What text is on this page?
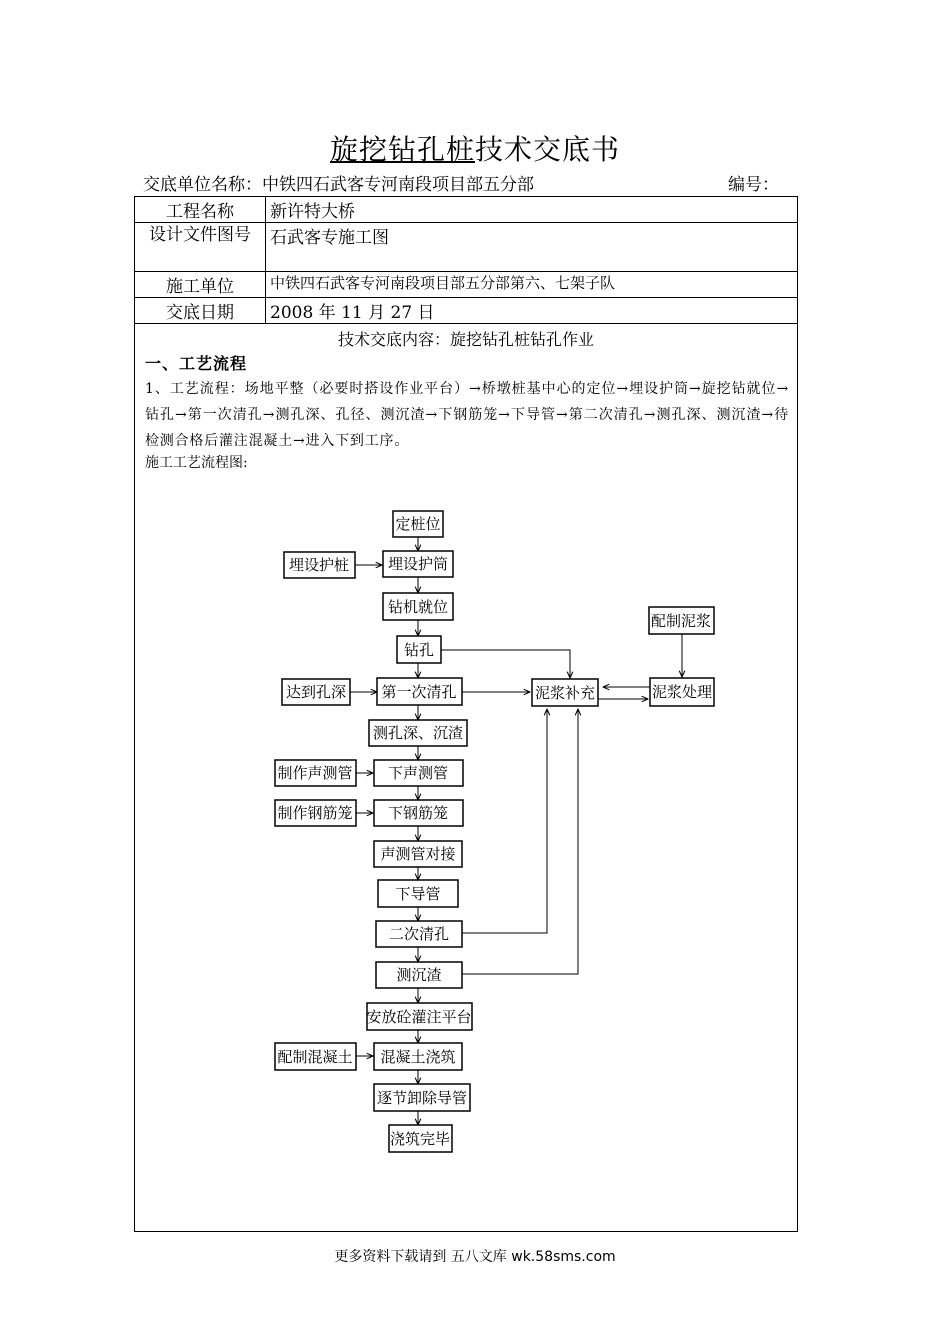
旋挖钻孔桩技术交底书
交底单位名称：中铁四石武客专河南段项目部五分部	编号：
工程名称	新许特大桥
设计文件图号	石武客专施工图
施工单位	中铁四石武客专河南段项目部五分部第六、七架子队
交底日期	2008 年 11 月 27 日
技术交底内容：旋挖钻孔桩钻孔作业
一、工艺流程
1、工艺流程：场地平整（必要时搭设作业平台）→桥墩桩基中心的定位→埋设护筒→旋挖钻就位→钻孔→第一次清孔→测孔深、孔径、测沉渣→下钢筋笼→下导管→第二次清孔→测孔深、测沉渣→待检测合格后灌注混凝土→进入下到工序。
施工工艺流程图:
定桩位
埋设护筒
钻机就位
钻孔
第一次清孔
测孔深、沉渣
下声测管
下钢筋笼
声测管对接
下导管
二次清孔
测沉渣
安放砼灌注平台
混凝土浇筑
逐节卸除导管
浇筑完毕
埋设护桩
达到孔深
制作声测管
制作钢筋笼
配制混凝土
泥浆补充	泥浆处理
配制泥浆
更多资料下载请到 五八文库 wk.58sms.com
